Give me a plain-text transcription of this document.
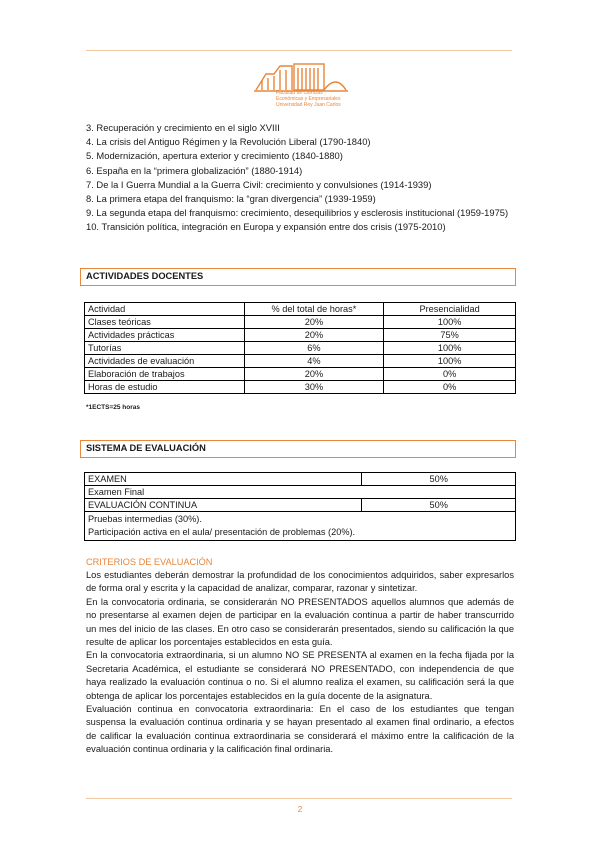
Facultad de Ciencias
Económicas y Empresariales
Universidad Rey Juan Carlos
3. Recuperación y crecimiento en el siglo XVIII
4. La crisis del Antiguo Régimen y la Revolución Liberal (1790-1840)
5. Modernización, apertura exterior y crecimiento (1840-1880)
6. España en la “primera globalización” (1880-1914)
7. De la I Guerra Mundial a la Guerra Civil: crecimiento y convulsiones (1914-1939)
8. La primera etapa del franquismo: la “gran divergencia” (1939-1959)
9. La segunda etapa del franquismo: crecimiento, desequilibrios y esclerosis institucional (1959-1975)
10. Transición política, integración en Europa y expansión entre dos crisis (1975-2010)
ACTIVIDADES DOCENTES
Actividad	% del total de horas*	Presencialidad
Clases teóricas	20%	100%
Actividades prácticas	20%	75%
Tutorías	6%	100%
Actividades de evaluación	4%	100%
Elaboración de trabajos	20%	0%
Horas de estudio	30%	0%
*1ECTS=25 horas
SISTEMA DE EVALUACIÓN
EXAMEN	50%
Examen Final	
EVALUACIÓN CONTINUA	50%

Pruebas intermedias (30%).
Participación activa en el aula/ presentación de problemas (20%).	
CRITERIOS DE EVALUACIÓN

Los estudiantes deberán demostrar la profundidad de los conocimientos adquiridos, saber expresarlos de forma oral y escrita y la capacidad de analizar, comparar, razonar y sintetizar.

En la convocatoria ordinaria, se considerarán NO PRESENTADOS aquellos alumnos que además de no presentarse al examen dejen de participar en la evaluación continua a partir de haber transcurrido un mes del inicio de las clases. En otro caso se considerarán presentados, siendo su calificación la que resulte de aplicar los porcentajes establecidos en esta guía.

En la convocatoria extraordinaria, si un alumno NO SE PRESENTA al examen en la fecha fijada por la Secretaria Académica, el estudiante se considerará NO PRESENTADO, con independencia de que haya realizado la evaluación continua o no. Si el alumno realiza el examen, su calificación será la que obtenga de aplicar los porcentajes establecidos en la guía docente de la asignatura.

Evaluación continua en convocatoria extraordinaria: En el caso de los estudiantes que tengan suspensa la evaluación continua ordinaria y se hayan presentado al examen final ordinario, a efectos de calificar la evaluación continua extraordinaria se considerará el máximo entre la calificación de la evaluación continua ordinaria y la calificación final ordinaria.

2
